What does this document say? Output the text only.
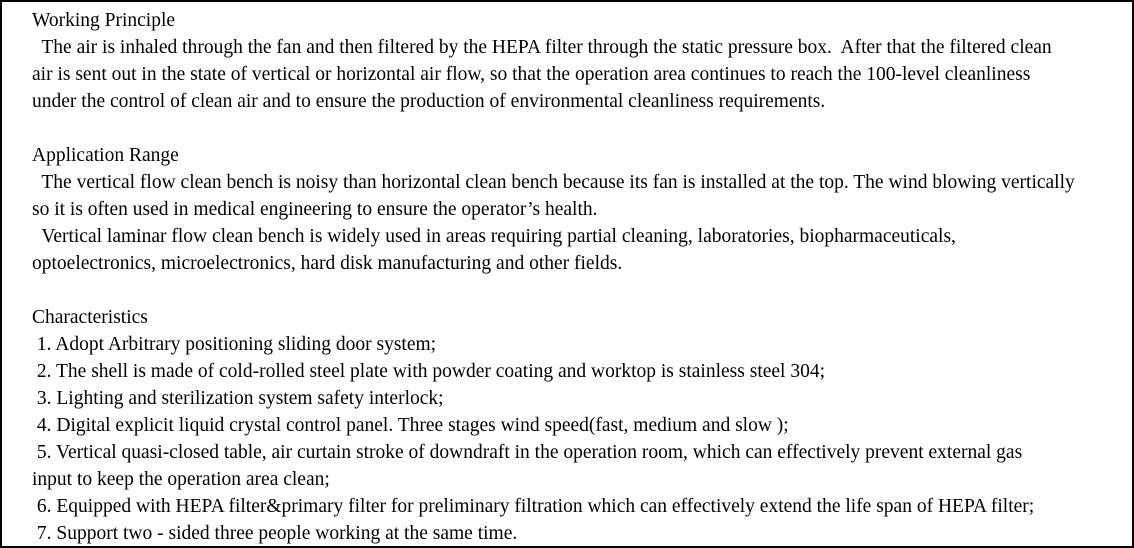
Working Principle
The air is inhaled through the fan and then filtered by the HEPA filter through the static pressure box.  After that the filtered clean
air is sent out in the state of vertical or horizontal air flow, so that the operation area continues to reach the 100-level cleanliness
under the control of clean air and to ensure the production of environmental cleanliness requirements.
Application Range
The vertical flow clean bench is noisy than horizontal clean bench because its fan is installed at the top. The wind blowing vertically
so it is often used in medical engineering to ensure the operator’s health.
Vertical laminar flow clean bench is widely used in areas requiring partial cleaning, laboratories, biopharmaceuticals,
optoelectronics, microelectronics, hard disk manufacturing and other fields.
Characteristics
1. Adopt Arbitrary positioning sliding door system;
2. The shell is made of cold-rolled steel plate with powder coating and worktop is stainless steel 304;
3. Lighting and sterilization system safety interlock;
4. Digital explicit liquid crystal control panel. Three stages wind speed(fast, medium and slow );
5. Vertical quasi-closed table, air curtain stroke of downdraft in the operation room, which can effectively prevent external gas
input to keep the operation area clean;
6. Equipped with HEPA filter&primary filter for preliminary filtration which can effectively extend the life span of HEPA filter;
7. Support two - sided three people working at the same time.
